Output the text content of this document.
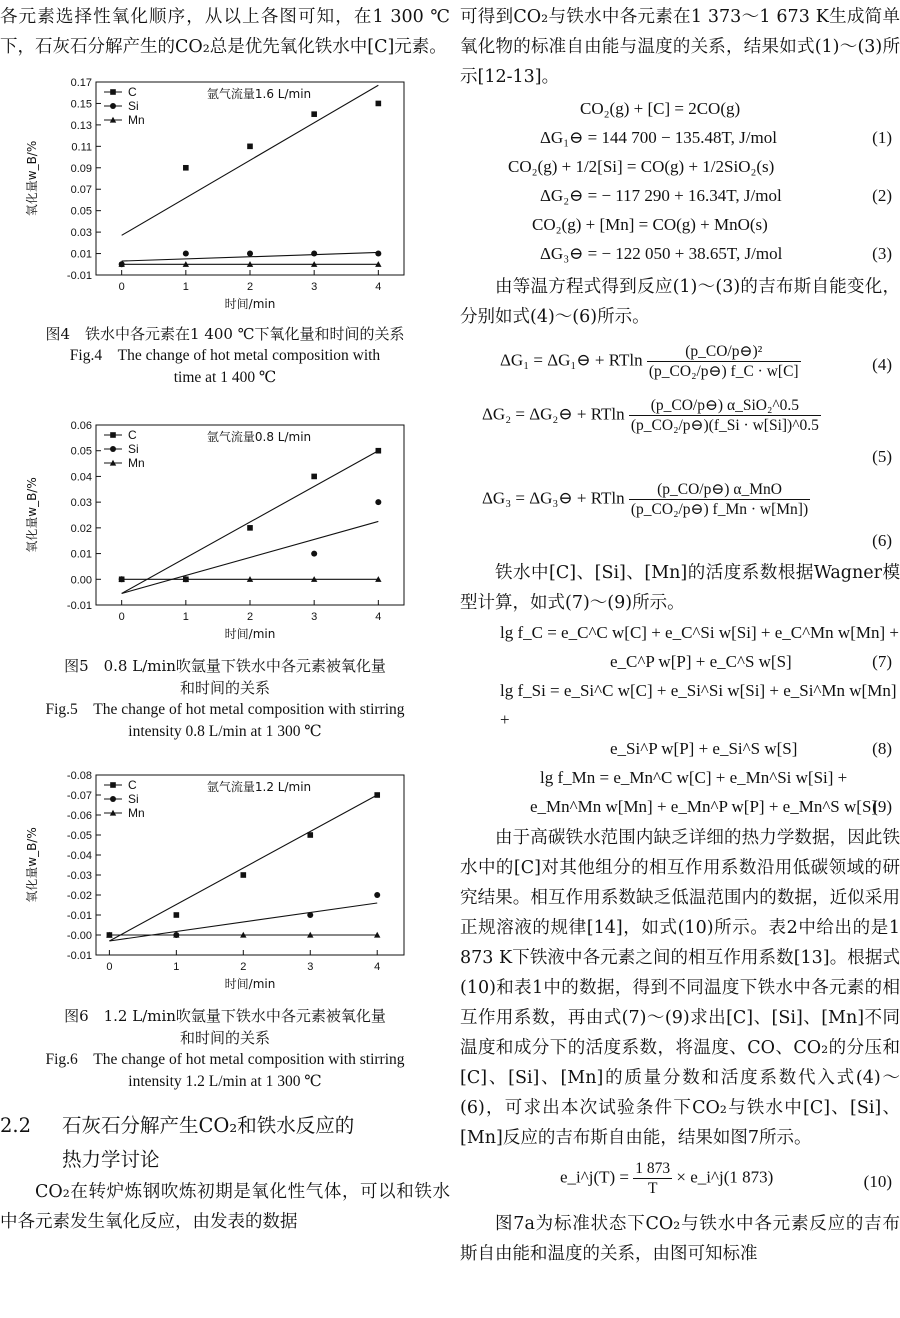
各元素选择性氧化顺序，从以上各图可知，在1 300 ℃下，石灰石分解产生的CO₂总是优先氧化铁水中[C]元素。

-0.01
0.01
0.03
0.05
0.07
0.09
0.11
0.13
0.15
0.17
0	1	2	3	4
时间/min
氧化量w_B/%
氩气流量1.6 L/min
C
Si
Mn

图4　铁水中各元素在1 400 ℃下氧化量和时间的关系

Fig.4　The change of hot metal composition with

time at 1 400 ℃

-0.01
0.00
0.01
0.02
0.03
0.04
0.05
0.06
0	1	2	3	4
时间/min
氧化量w_B/%
氩气流量0.8 L/min
C
Si
Mn

图5　0.8 L/min吹氩量下铁水中各元素被氧化量

和时间的关系

Fig.5　The change of hot metal composition with stirring

intensity 0.8 L/min at 1 300 ℃

-0.01
-0.00
-0.01
-0.02
-0.03
-0.04
-0.05
-0.06
-0.07
-0.08
0	1	2	3	4
时间/min
氧化量w_B/%
氩气流量1.2 L/min
C
Si
Mn

图6　1.2 L/min吹氩量下铁水中各元素被氧化量

和时间的关系

Fig.6　The change of hot metal composition with stirring

intensity 1.2 L/min at 1 300 ℃

2.2 石灰石分解产生CO₂和铁水反应的
热力学讨论

CO₂在转炉炼钢吹炼初期是氧化性气体，可以和铁水中各元素发生氧化反应，由发表的数据

可得到CO₂与铁水中各元素在1 373～1 673 K生成简单氧化物的标准自由能与温度的关系，结果如式(1)～(3)所示[12-13]。

CO₂(g) + [C] = 2CO(g)
ΔG₁⊖ = 144 700 − 135.48T, J/mol	(1)
CO₂(g) + 1/2[Si] = CO(g) + 1/2SiO₂(s)
ΔG₂⊖ = − 117 290 + 16.34T, J/mol	(2)
CO₂(g) + [Mn] = CO(g) + MnO(s)
ΔG₃⊖ = − 122 050 + 38.65T, J/mol	(3)

由等温方程式得到反应(1)～(3)的吉布斯自能变化，分别如式(4)～(6)所示。

ΔG₁ = ΔG₁⊖ + RTln $\frac{\text{(p\_CO/p⊖)²}}{\text{(p\_CO₂/p⊖) f\_C · w[C]}}$	(4)
ΔG₂ = ΔG₂⊖ + RTln $\frac{\text{(p\_CO/p⊖) α\_SiO₂\textasciicircum{}0.5}}{\text{(p\_CO₂/p⊖)(f\_Si · w[Si])\textasciicircum{}0.5}}$
(5)
ΔG₃ = ΔG₃⊖ + RTln $\frac{\text{(p\_CO/p⊖) α\_MnO}}{\text{(p\_CO₂/p⊖) f\_Mn · w[Mn])}}$
(6)

铁水中[C]、[Si]、[Mn]的活度系数根据Wagner模型计算，如式(7)～(9)所示。

lg f_C = e_C^C w[C] + e_C^Si w[Si] + e_C^Mn w[Mn] +
e_C^P w[P] + e_C^S w[S]	(7)
lg f_Si = e_Si^C w[C] + e_Si^Si w[Si] + e_Si^Mn w[Mn] +
e_Si^P w[P] + e_Si^S w[S]	(8)
lg f_Mn = e_Mn^C w[C] + e_Mn^Si w[Si] +
e_Mn^Mn w[Mn] + e_Mn^P w[P] + e_Mn^S w[S]
(9)

由于高碳铁水范围内缺乏详细的热力学数据，因此铁水中的[C]对其他组分的相互作用系数沿用低碳领域的研究结果。相互作用系数缺乏低温范围内的数据，近似采用正规溶液的规律[14]，如式(10)所示。表2中给出的是1 873 K下铁液中各元素之间的相互作用系数[13]。根据式(10)和表1中的数据，得到不同温度下铁水中各元素的相互作用系数，再由式(7)～(9)求出[C]、[Si]、[Mn]不同温度和成分下的活度系数，将温度、CO、CO₂的分压和[C]、[Si]、[Mn]的质量分数和活度系数代入式(4)～(6)，可求出本次试验条件下CO₂与铁水中[C]、[Si]、[Mn]反应的吉布斯自由能，结果如图7所示。

e_i^j(T) = $\frac{1 873}{T}$ × e_i^j(1 873)	(10)

图7a为标准状态下CO₂与铁水中各元素反应的吉布斯自由能和温度的关系，由图可知标准
